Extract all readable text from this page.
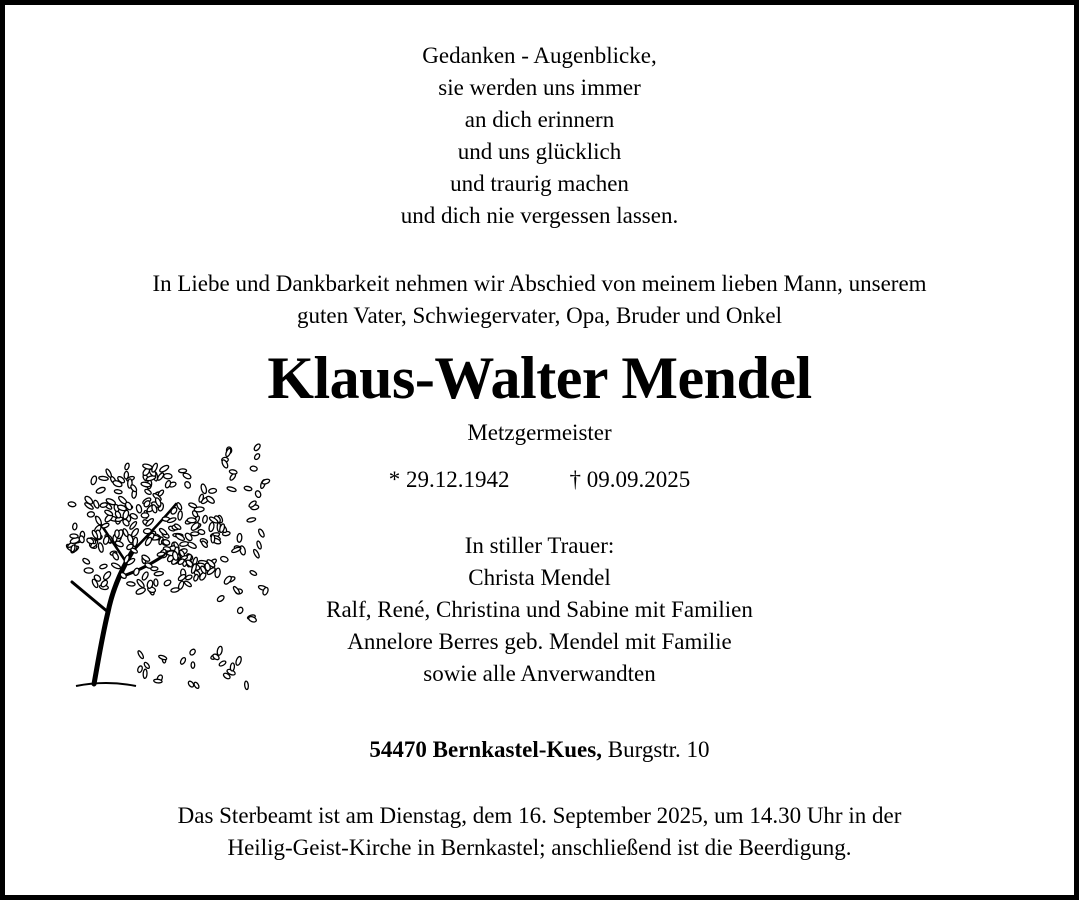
Gedanken - Augenblicke,
sie werden uns immer
an dich erinnern
und uns glücklich
und traurig machen
und dich nie vergessen lassen.
In Liebe und Dankbarkeit nehmen wir Abschied von meinem lieben Mann, unserem
guten Vater, Schwiegervater, Opa, Bruder und Onkel
Klaus-Walter Mendel
Metzgermeister
* 29.12.1942	† 09.09.2025
In stiller Trauer:
Christa Mendel
Ralf, René, Christina und Sabine mit Familien
Annelore Berres geb. Mendel mit Familie
sowie alle Anverwandten
54470 Bernkastel-Kues, Burgstr. 10
Das Sterbeamt ist am Dienstag, dem 16. September 2025, um 14.30 Uhr in der
Heilig-Geist-Kirche in Bernkastel; anschließend ist die Beerdigung.
